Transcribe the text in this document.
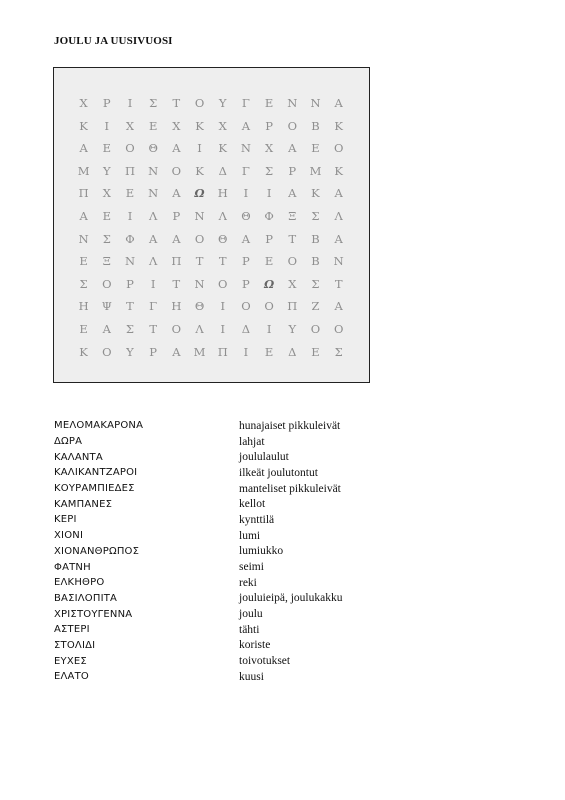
JOULU JA UUSIVUOSI
Χ	Ρ	Ι	Σ	Τ	Ο	Υ	Γ	Ε	Ν	Ν	Α
Κ	Ι	Χ	Ε	Χ	Κ	Χ	Α	Ρ	Ο	Β	Κ
Α	Ε	Ο	Θ	Α	Ι	Κ	Ν	Χ	Α	Ε	Ο
Μ	Υ	Π	Ν	Ο	Κ	Δ	Γ	Σ	Ρ	Μ	Κ
Π	Χ	Ε	Ν	Α	Ω	Η	Ι	Ι	Α	Κ	Α
Α	Ε	Ι	Λ	Ρ	Ν	Λ	Θ	Φ	Ξ	Σ	Λ
Ν	Σ	Φ	Α	Α	Ο	Θ	Α	Ρ	Τ	Β	Α
Ε	Ξ	Ν	Λ	Π	Τ	Τ	Ρ	Ε	Ο	Β	Ν
Σ	Ο	Ρ	Ι	Τ	Ν	Ο	Ρ	Ω	Χ	Σ	Τ
Η	Ψ	Τ	Γ	Η	Θ	Ι	Ο	Ο	Π	Ζ	Α
Ε	Α	Σ	Τ	Ο	Λ	Ι	Δ	Ι	Υ	Ο	Ο
Κ	Ο	Υ	Ρ	Α	Μ	Π	Ι	Ε	Δ	Ε	Σ
ΜΕΛΟΜΑΚΑΡΟΝΑ	hunajaiset pikkuleivät
ΔΩΡΑ	lahjat
ΚΑΛΑΝΤΑ	joululaulut
ΚΑΛΙΚΑΝΤΖΑΡΟΙ	ilkeät joulutontut
ΚΟΥΡΑΜΠΙΕΔΕΣ	manteliset pikkuleivät
ΚΑΜΠΑΝΕΣ	kellot
ΚΕΡΙ	kynttilä
ΧΙΟΝΙ	lumi
ΧΙΟΝΑΝΘΡΩΠΟΣ	lumiukko
ΦΑΤΝΗ	seimi
ΕΛΚΗΘΡΟ	reki
ΒΑΣΙΛΟΠΙΤΑ	jouluieipä, joulukakku
ΧΡΙΣΤΟΥΓΕΝΝΑ	joulu
ΑΣΤΕΡΙ	tähti
ΣΤΟΛΙΔΙ	koriste
ΕΥΧΕΣ	toivotukset
ΕΛΑΤΟ	kuusi
